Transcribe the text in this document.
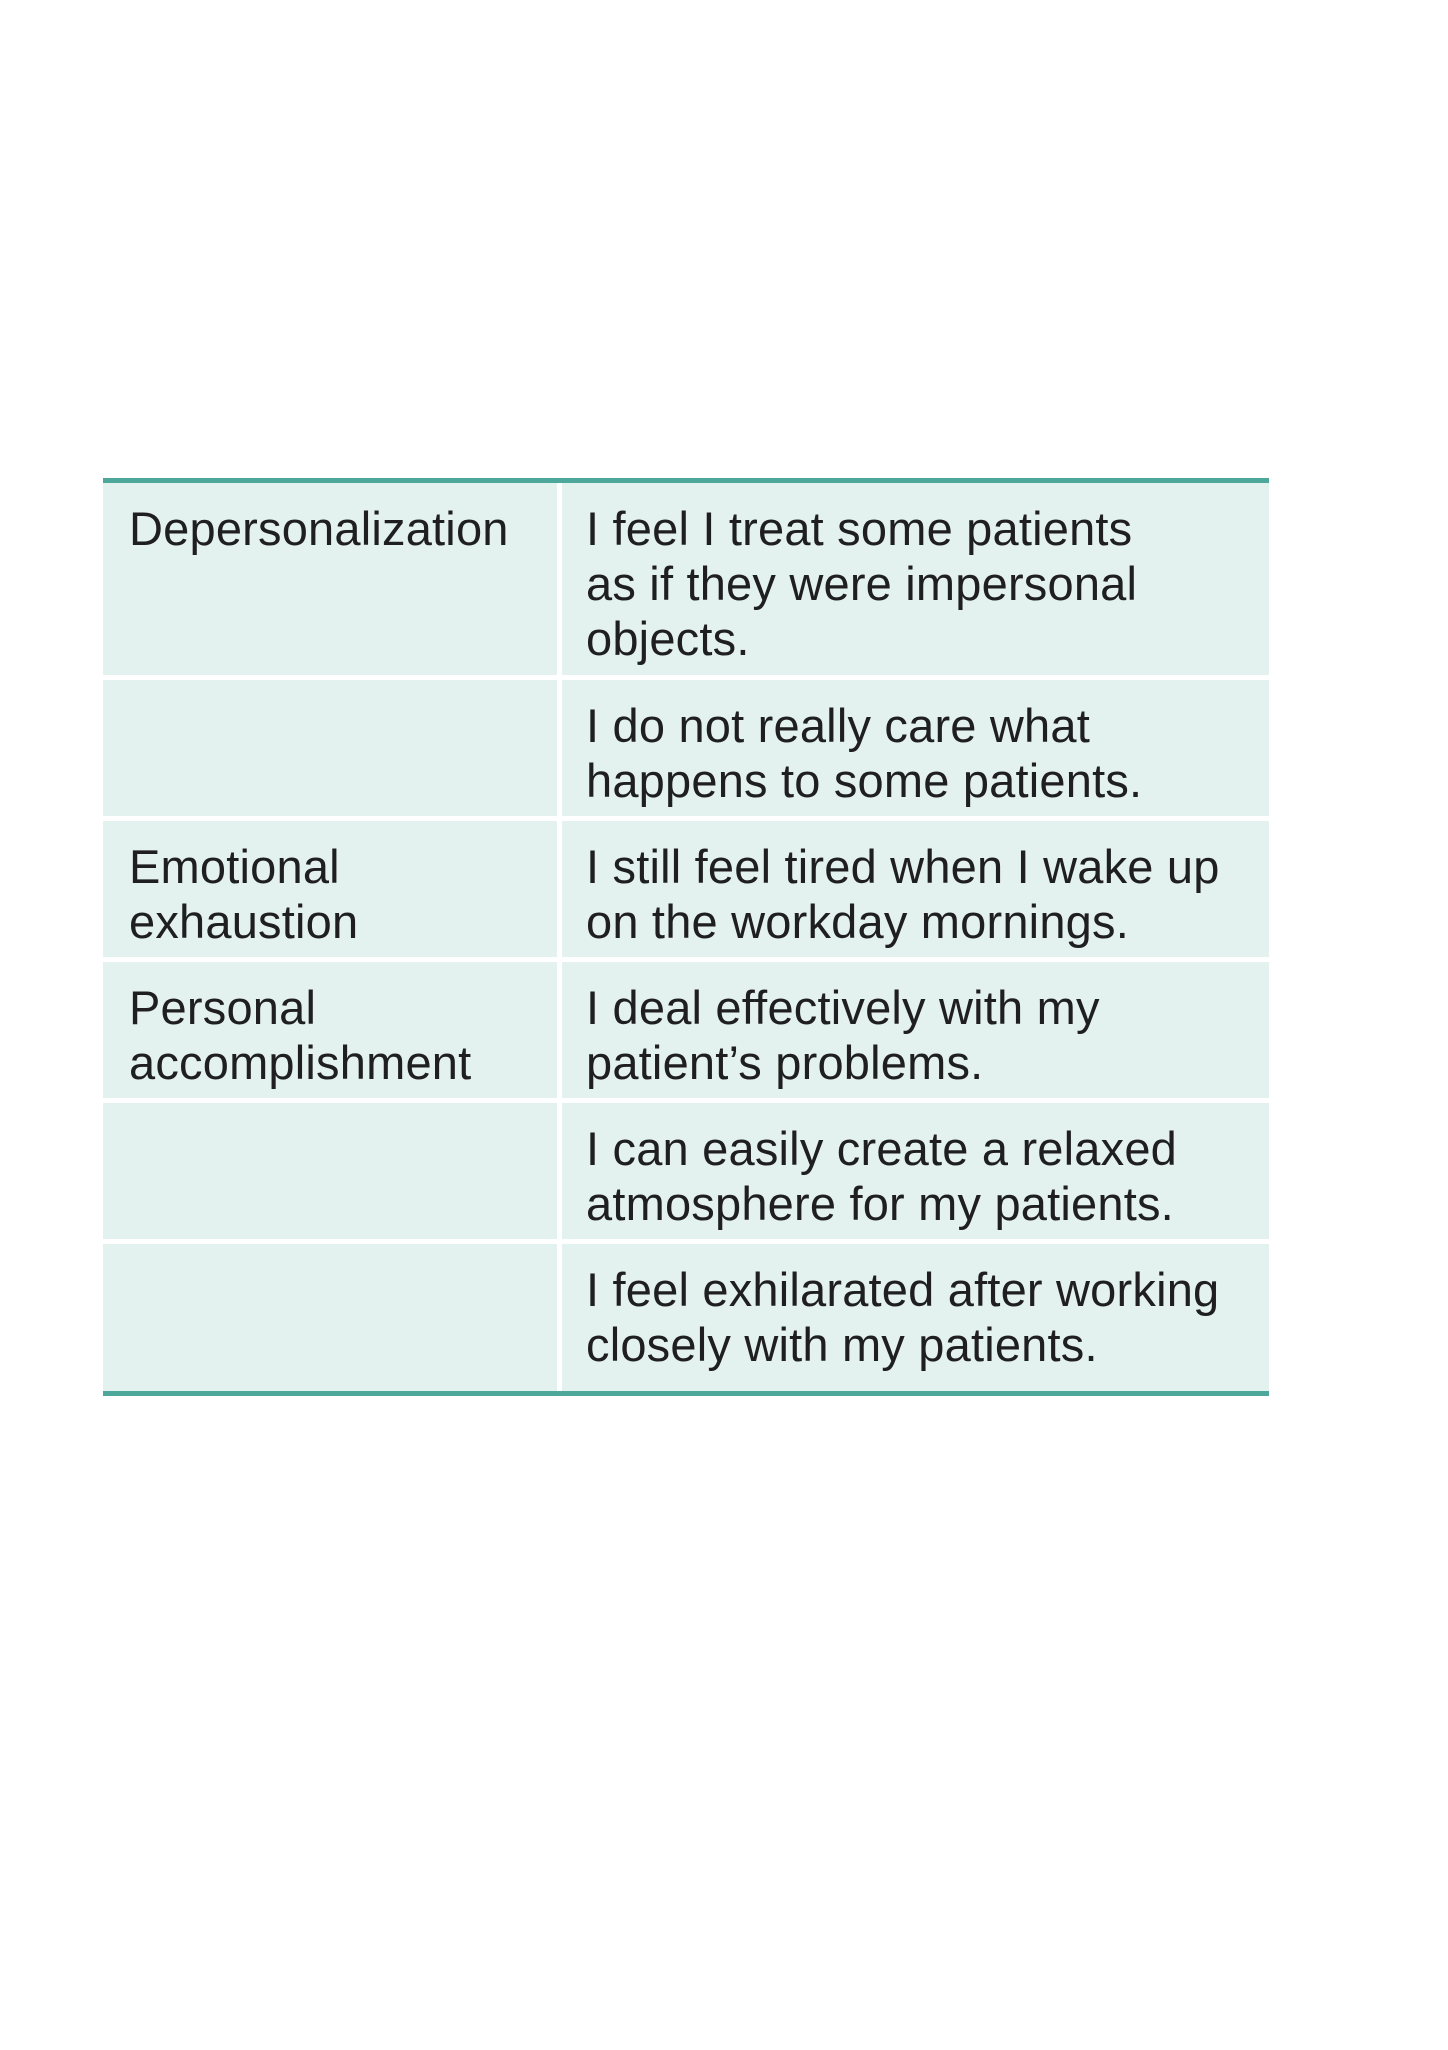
Depersonalization	I feel I treat some patients
as if they were impersonal
objects.
I do not really care what
happens to some patients.
Emotional
exhaustion
I still feel tired when I wake up
on the workday mornings.
Personal
accomplishment
I deal effectively with my
patient’s problems.
I can easily create a relaxed
atmosphere for my patients.
I feel exhilarated after working
closely with my patients.
